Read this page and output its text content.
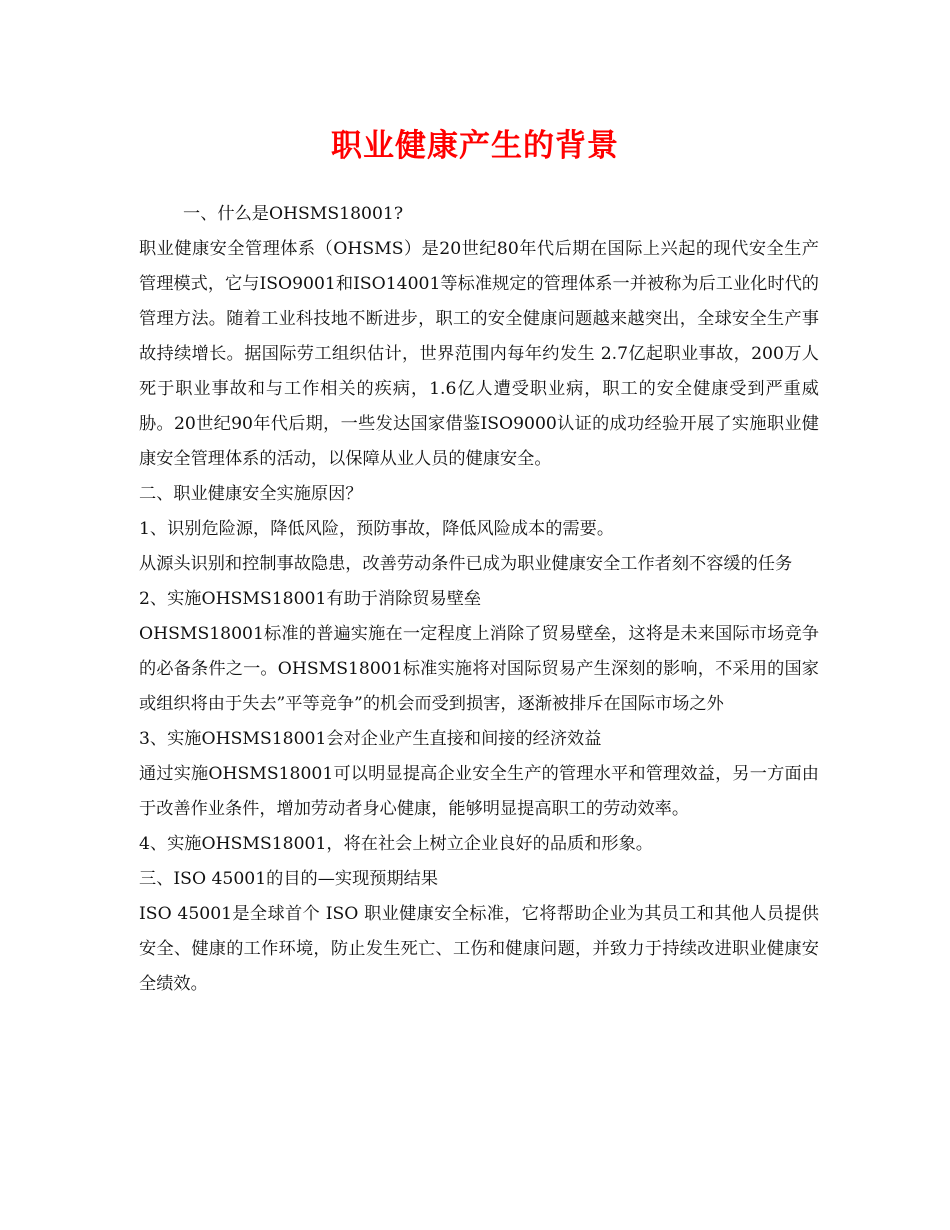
职业健康产生的背景

一、什么是OHSMS18001?

职业健康安全管理体系（OHSMS）是20世纪80年代后期在国际上兴起的现代安全生产管理模式，它与ISO9001和ISO14001等标准规定的管理体系一并被称为后工业化时代的管理方法。随着工业科技地不断进步，职工的安全健康问题越来越突出，全球安全生产事故持续增长。据国际劳工组织估计，世界范围内每年约发生 2.7亿起职业事故，200万人死于职业事故和与工作相关的疾病，1.6亿人遭受职业病，职工的安全健康受到严重威胁。20世纪90年代后期，一些发达国家借鉴ISO9000认证的成功经验开展了实施职业健康安全管理体系的活动，以保障从业人员的健康安全。

二、职业健康安全实施原因？

1、识别危险源，降低风险，预防事故，降低风险成本的需要。

从源头识别和控制事故隐患，改善劳动条件已成为职业健康安全工作者刻不容缓的任务

2、实施OHSMS18001有助于消除贸易壁垒

OHSMS18001标准的普遍实施在一定程度上消除了贸易壁垒，这将是未来国际市场竞争的必备条件之一。OHSMS18001标准实施将对国际贸易产生深刻的影响，不采用的国家或组织将由于失去”平等竞争”的机会而受到损害，逐渐被排斥在国际市场之外

3、实施OHSMS18001会对企业产生直接和间接的经济效益

通过实施OHSMS18001可以明显提高企业安全生产的管理水平和管理效益，另一方面由于改善作业条件，增加劳动者身心健康，能够明显提高职工的劳动效率。

4、实施OHSMS18001，将在社会上树立企业良好的品质和形象。

三、ISO 45001的目的—实现预期结果

ISO 45001是全球首个 ISO 职业健康安全标准，它将帮助企业为其员工和其他人员提供安全、健康的工作环境，防止发生死亡、工伤和健康问题，并致力于持续改进职业健康安全绩效。
